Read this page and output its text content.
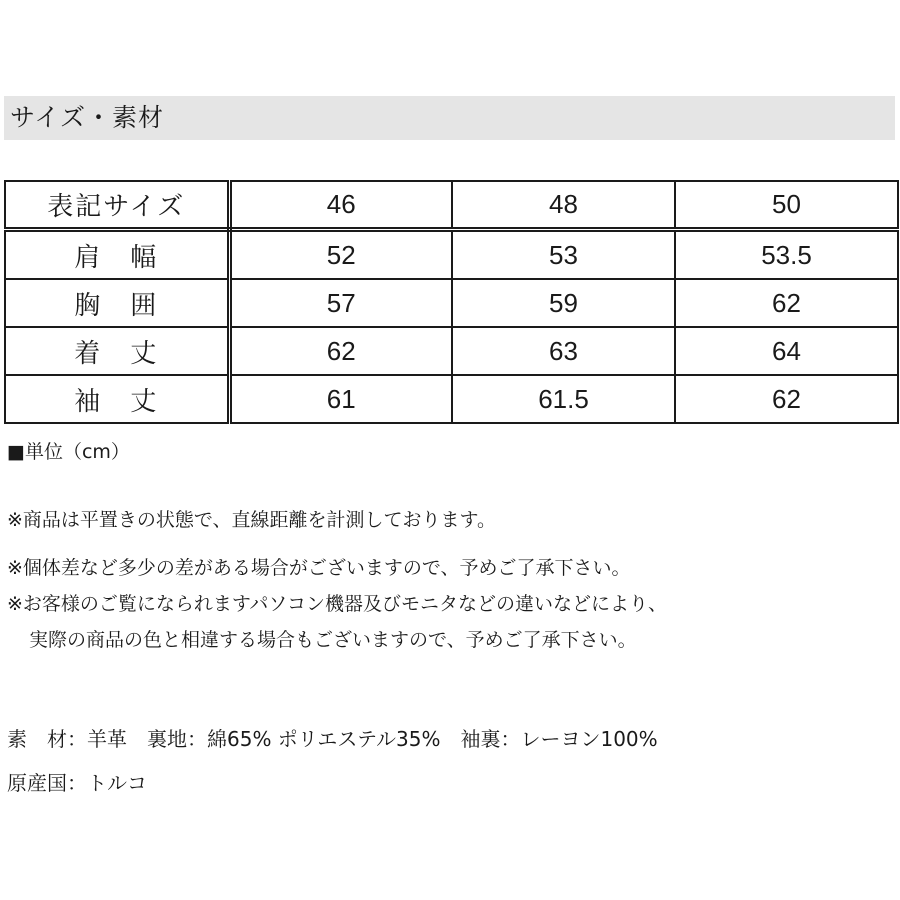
サイズ・素材
表記サイズ	46	48	50
肩　幅	52	53	53.5
胸　囲	57	59	62
着　丈	62	63	64
袖　丈	61	61.5	62
■単位（cm）
※商品は平置きの状態で、直線距離を計測しております。
※個体差など多少の差がある場合がございますので、予めご了承下さい。
※お客様のご覧になられますパソコン機器及びモニタなどの違いなどにより、
実際の商品の色と相違する場合もございますので、予めご了承下さい。
素　材：羊革　裏地：綿65% ポリエステル35%　袖裏：レーヨン100%
原産国：トルコ
